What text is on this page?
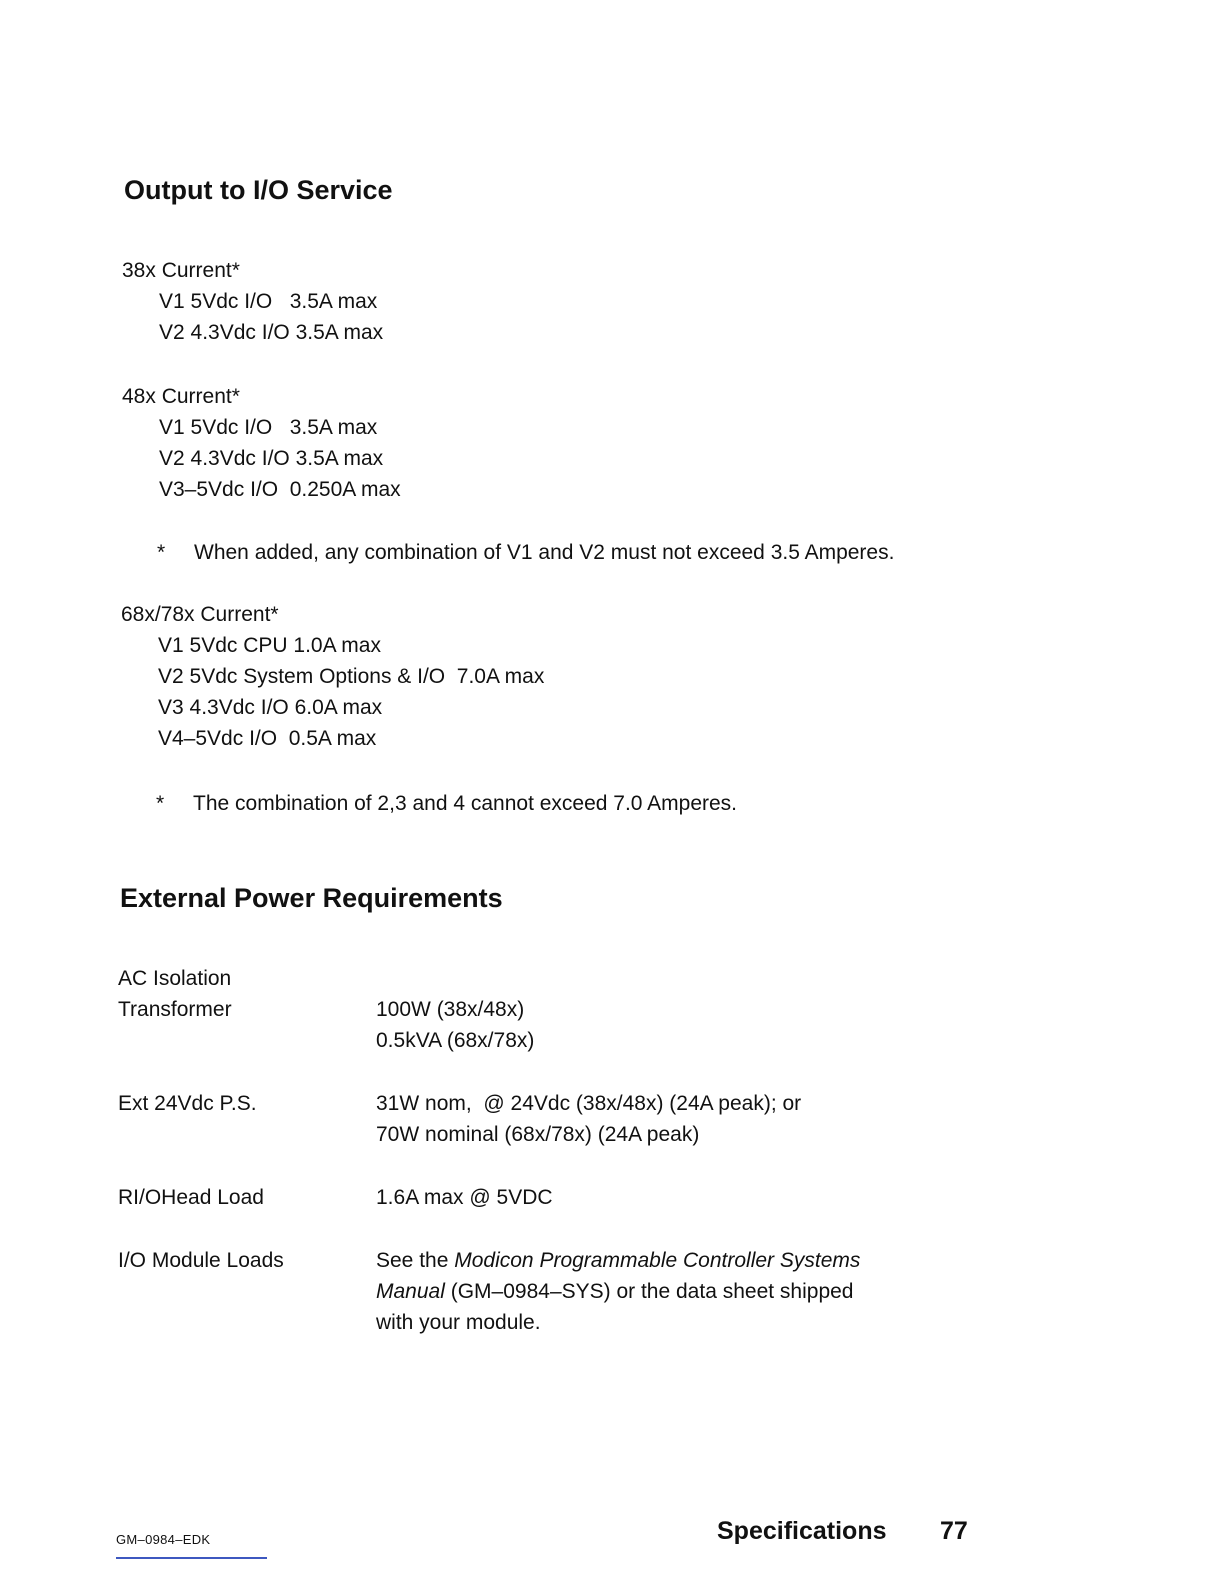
Output to I/O Service
38x Current*
V1 5Vdc I/O   3.5A max
V2 4.3Vdc I/O 3.5A max
48x Current*
V1 5Vdc I/O   3.5A max
V2 4.3Vdc I/O 3.5A max
V3–5Vdc I/O  0.250A max
* When added, any combination of V1 and V2 must not exceed 3.5 Amperes.
68x/78x Current*
V1 5Vdc CPU 1.0A max
V2 5Vdc System Options & I/O  7.0A max
V3 4.3Vdc I/O 6.0A max
V4–5Vdc I/O  0.5A max
* The combination of 2,3 and 4 cannot exceed 7.0 Amperes.
External Power Requirements
AC Isolation
Transformer	100W (38x/48x)
0.5kVA (68x/78x)
Ext 24Vdc P.S.	31W nom,  @ 24Vdc (38x/48x) (24A peak); or
70W nominal (68x/78x) (24A peak)
RI/OHead Load	1.6A max @ 5VDC
I/O Module Loads	See the Modicon Programmable Controller Systems
Manual (GM–0984–SYS) or the data sheet shipped
with your module.
GM–0984–EDK	Specifications 77
